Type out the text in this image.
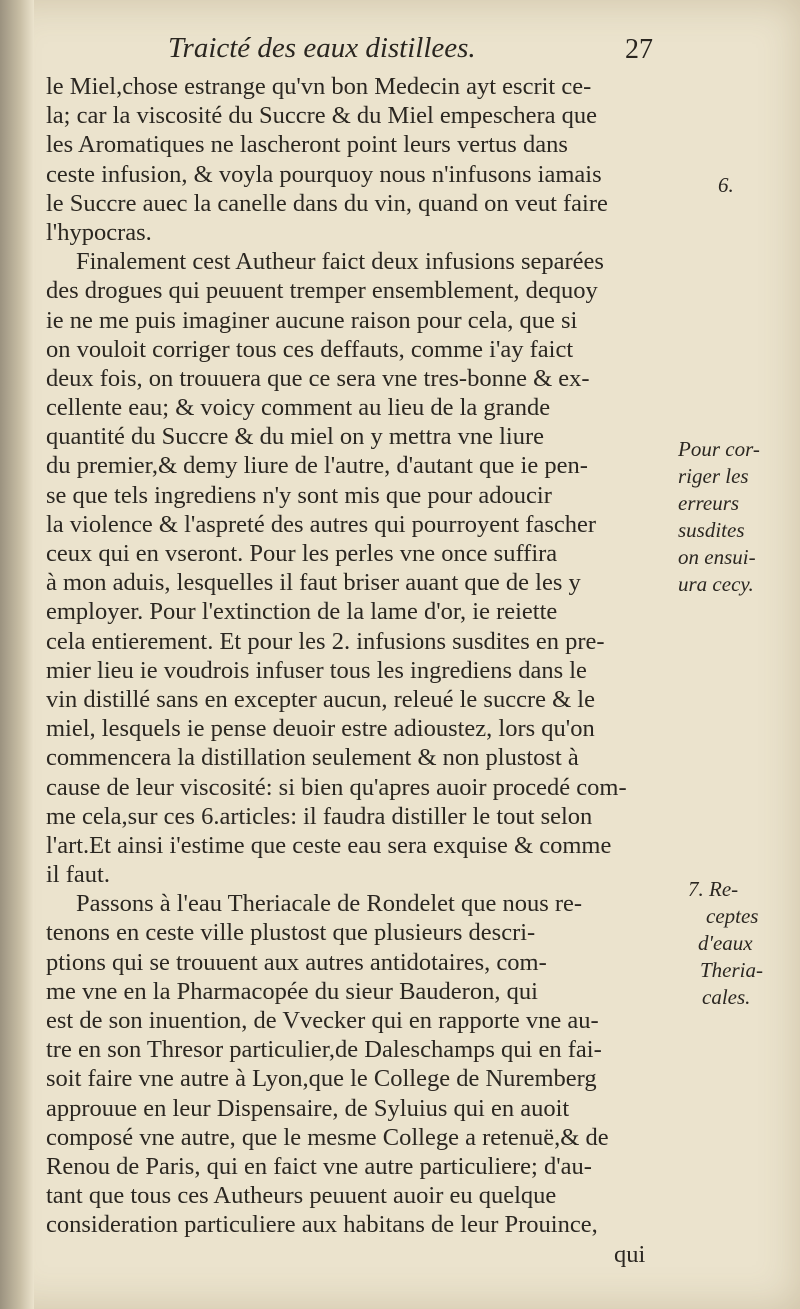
Traicté des eaux distillees.	27
le Miel,chose estrange qu'vn bon Medecin ayt escrit ce-
la; car la viscosité du Succre & du Miel empeschera que
les Aromatiques ne lascheront point leurs vertus dans
ceste infusion, & voyla pourquoy nous n'infusons iamais
le Succre auec la canelle dans du vin, quand on veut faire
l'hypocras.
Finalement cest Autheur faict deux infusions separées
des drogues qui peuuent tremper ensemblement, dequoy
ie ne me puis imaginer aucune raison pour cela, que si
on vouloit corriger tous ces deffauts, comme i'ay faict
deux fois, on trouuera que ce sera vne tres-bonne & ex-
cellente eau; & voicy comment au lieu de la grande
quantité du Succre & du miel on y mettra vne liure
du premier,& demy liure de l'autre, d'autant que ie pen-
se que tels ingrediens n'y sont mis que pour adoucir
la violence & l'aspreté des autres qui pourroyent fascher
ceux qui en vseront. Pour les perles vne once suffira
à mon aduis, lesquelles il faut briser auant que de les y
employer. Pour l'extinction de la lame d'or, ie reiette
cela entierement. Et pour les 2. infusions susdites en pre-
mier lieu ie voudrois infuser tous les ingrediens dans le
vin distillé sans en excepter aucun, releué le succre & le
miel, lesquels ie pense deuoir estre adioustez, lors qu'on
commencera la distillation seulement & non plustost à
cause de leur viscosité: si bien qu'apres auoir procedé com-
me cela,sur ces 6.articles: il faudra distiller le tout selon
l'art.Et ainsi i'estime que ceste eau sera exquise & comme
il faut.
Passons à l'eau Theriacale de Rondelet que nous re-
tenons en ceste ville plustost que plusieurs descri-
ptions qui se trouuent aux autres antidotaires, com-
me vne en la Pharmacopée du sieur Bauderon, qui
est de son inuention, de Vvecker qui en rapporte vne au-
tre en son Thresor particulier,de Daleschamps qui en fai-
soit faire vne autre à Lyon,que le College de Nuremberg
approuue en leur Dispensaire, de Syluius qui en auoit
composé vne autre, que le mesme College a retenuë,& de
Renou de Paris, qui en faict vne autre particuliere; d'au-
tant que tous ces Autheurs peuuent auoir eu quelque
consideration particuliere aux habitans de leur Prouince,
qui
6.
Pour cor-
riger les
erreurs
susdites
on ensui-
ura cecy.
7. Re-
ceptes
d'eaux
Theria-
cales.
